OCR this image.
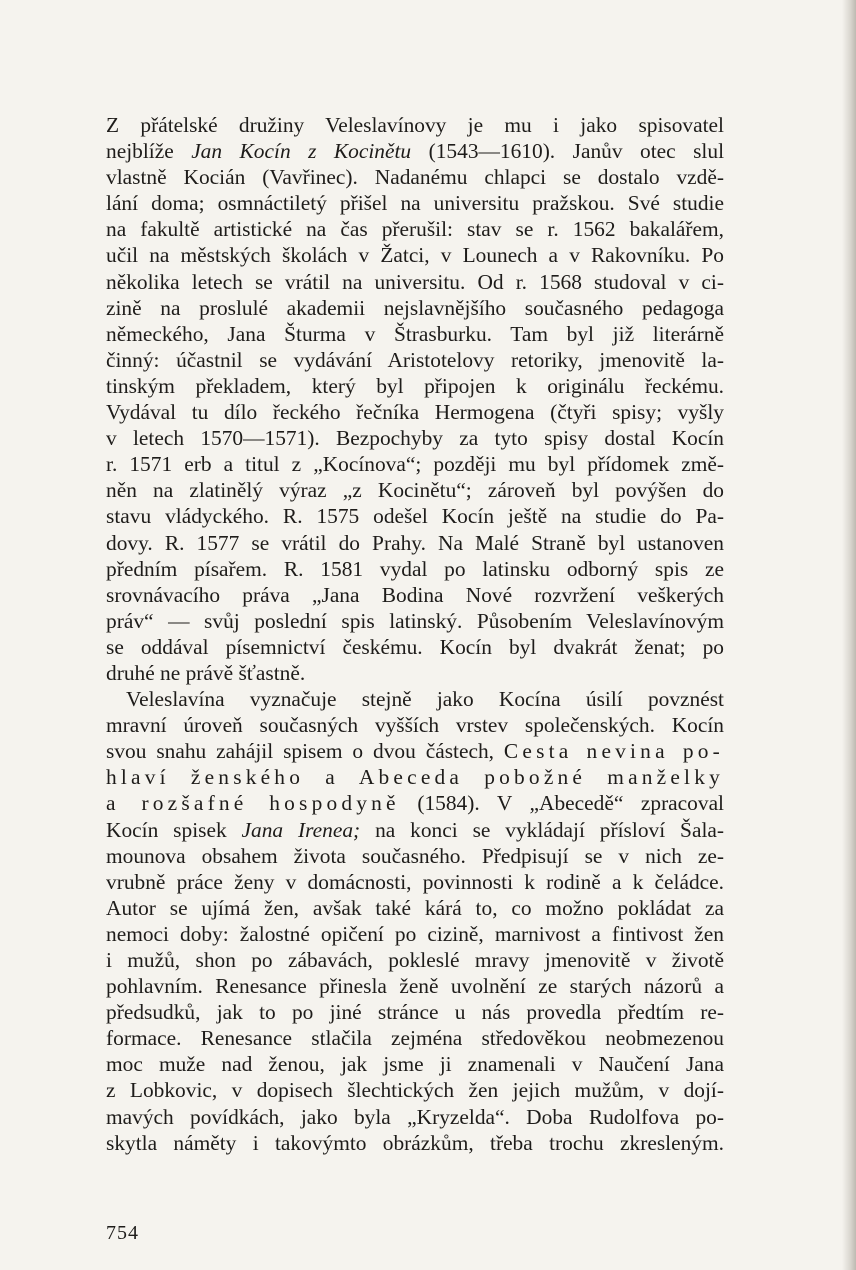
Z přátelské družiny Veleslavínovy je mu i jako spisovatel
nejblíže Jan Kocín z Kocinětu (1543—1610). Janův otec slul
vlastně Kocián (Vavřinec). Nadanému chlapci se dostalo vzdě-
lání doma; osmnáctiletý přišel na universitu pražskou. Své studie
na fakultě artistické na čas přerušil: stav se r. 1562 bakalářem,
učil na městských školách v Žatci, v Lounech a v Rakovníku. Po
několika letech se vrátil na universitu. Od r. 1568 studoval v ci-
zině na proslulé akademii nejslavnějšího současného pedagoga
německého, Jana Šturma v Štrasburku. Tam byl již literárně
činný: účastnil se vydávání Aristotelovy retoriky, jmenovitě la-
tinským překladem, který byl připojen k originálu řeckému.
Vydával tu dílo řeckého řečníka Hermogena (čtyři spisy; vyšly
v letech 1570—1571). Bezpochyby za tyto spisy dostal Kocín
r. 1571 erb a titul z „Kocínova“; později mu byl přídomek změ-
něn na zlatinělý výraz „z Kocinětu“; zároveň byl povýšen do
stavu vládyckého. R. 1575 odešel Kocín ještě na studie do Pa-
dovy. R. 1577 se vrátil do Prahy. Na Malé Straně byl ustanoven
předním písařem. R. 1581 vydal po latinsku odborný spis ze
srovnávacího práva „Jana Bodina Nové rozvržení veškerých
práv“ — svůj poslední spis latinský. Působením Veleslavínovým
se oddával písemnictví českému. Kocín byl dvakrát ženat; po
druhé ne právě šťastně.
Veleslavína vyznačuje stejně jako Kocína úsilí povznést
mravní úroveň současných vyšších vrstev společenských. Kocín
svou snahu zahájil spisem o dvou částech, Cesta nevina po-
hlaví ženského a Abeceda pobožné manželky
a rozšafné hospodyně (1584). V „Abecedě“ zpracoval
Kocín spisek Jana Irenea; na konci se vykládají přísloví Šala-
mounova obsahem života současného. Předpisují se v nich ze-
vrubně práce ženy v domácnosti, povinnosti k rodině a k čeládce.
Autor se ujímá žen, avšak také kárá to, co možno pokládat za
nemoci doby: žalostné opičení po cizině, marnivost a fintivost žen
i mužů, shon po zábavách, pokleslé mravy jmenovitě v životě
pohlavním. Renesance přinesla ženě uvolnění ze starých názorů a
předsudků, jak to po jiné stránce u nás provedla předtím re-
formace. Renesance stlačila zejména středověkou neobmezenou
moc muže nad ženou, jak jsme ji znamenali v Naučení Jana
z Lobkovic, v dopisech šlechtických žen jejich mužům, v dojí-
mavých povídkách, jako byla „Kryzelda“. Doba Rudolfova po-
skytla náměty i takovýmto obrázkům, třeba trochu zkresleným.
754
